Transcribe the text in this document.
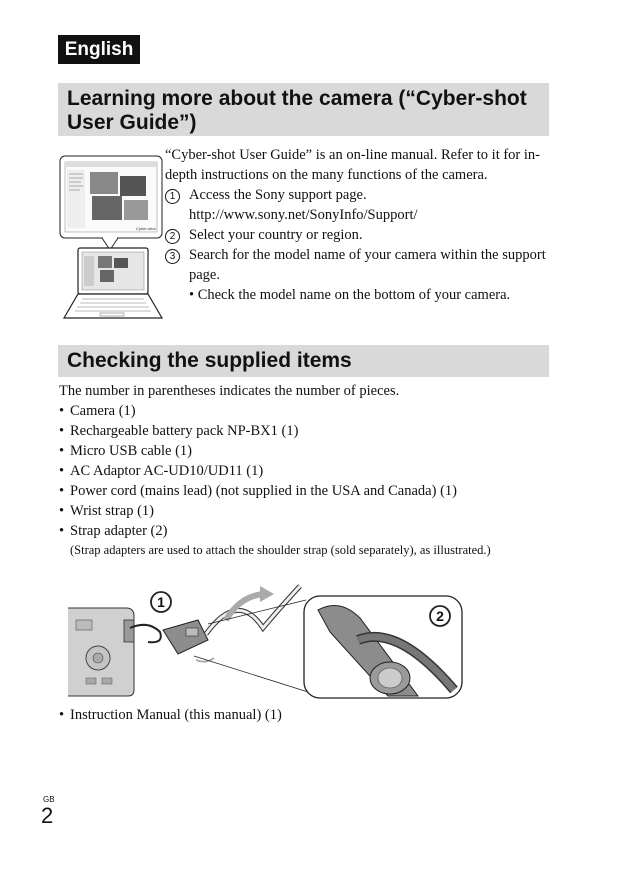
English
Learning more about the camera (“Cyber-shot User Guide”)
Cyber-shot

“Cyber-shot User Guide” is an on-line manual. Refer to it for in-depth instructions on the many functions of the camera.

1 Access the Sony support page.
http://www.sony.net/SonyInfo/Support/
2 Select your country or region.
3 Search for the model name of your camera within the support page.
• Check the model name on the bottom of your camera.
Checking the supplied items

The number in parentheses indicates the number of pieces.

• Camera (1)
• Rechargeable battery pack NP-BX1 (1)
• Micro USB cable (1)
• AC Adaptor AC-UD10/UD11 (1)
• Power cord (mains lead) (not supplied in the USA and Canada) (1)
• Wrist strap (1)
• Strap adapter (2)
(Strap adapters are used to attach the shoulder strap (sold separately), as illustrated.)
1
2
• Instruction Manual (this manual) (1)
GB
2
